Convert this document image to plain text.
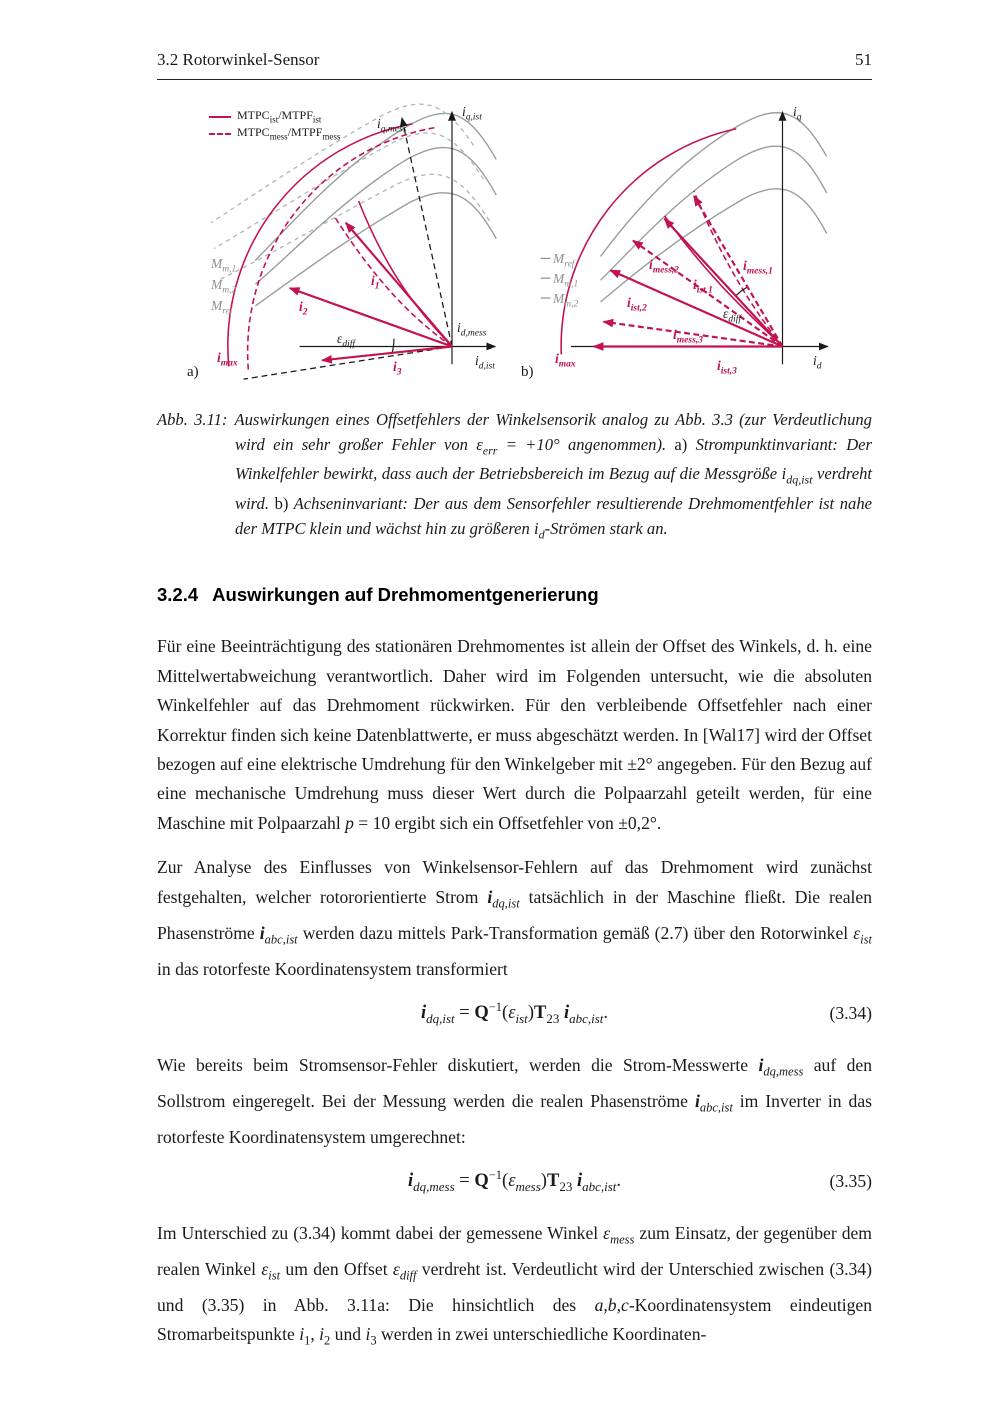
3.2 Rotorwinkel-Sensor	51
$MTPC_{ist}/MTPF_{ist}$
$MTPC_{mess}/MTPF_{mess}$
$i_{q,ist}$
$i_{q,mess}$
$i_{d,ist}$
$i_{d,mess}$
$M_{m,1}$
$M_{m,2}$
$M_{ref}$
$i_1$
$i_2$
$i_3$
$i_{max}$
$\varepsilon_{diff}$
a)
$i_q$
$i_d$
$M_{ref}$
$M_{m,1}$
$M_{m,2}$
$i_{mess,2}$	$i_{mess,1}$
$i_{ist,1}$
$i_{ist,2}$	$\varepsilon_{diff}$
$i_{mess,3}$
$i_{ist,3}$
$i_{max}$
b)

Abb. 3.11: Auswirkungen eines Offsetfehlers der Winkelsensorik analog zu Abb. 3.3 (zur Verdeutlichung wird ein sehr großer Fehler von $\varepsilon_{err} = +10^\circ$ angenommen). a) Strompunktinvariant: Der Winkelfehler bewirkt, dass auch der Betriebsbereich im Bezug auf die Messgröße $i_{dq,ist}$ verdreht wird. b) Achseninvariant: Der aus dem Sensorfehler resultierende Drehmomentfehler ist nahe der MTPC klein und wächst hin zu größeren $i_d$-Strömen stark an.

3.2.4 Auswirkungen auf Drehmomentgenerierung

Für eine Beeinträchtigung des stationären Drehmomentes ist allein der Offset des Winkels, d. h. eine Mittelwertabweichung verantwortlich. Daher wird im Folgenden untersucht, wie die absoluten Winkelfehler auf das Drehmoment rückwirken. Für den verbleibende Offsetfehler nach einer Korrektur finden sich keine Datenblattwerte, er muss abgeschätzt werden. In [Wal17] wird der Offset bezogen auf eine elektrische Umdrehung für den Winkelgeber mit ±2° angegeben. Für den Bezug auf eine mechanische Umdrehung muss dieser Wert durch die Polpaarzahl geteilt werden, für eine Maschine mit Polpaarzahl p = 10 ergibt sich ein Offsetfehler von ±0,2°.

Zur Analyse des Einflusses von Winkelsensor-Fehlern auf das Drehmoment wird zunächst festgehalten, welcher rotororientierte Strom $i_{dq,ist}$ tatsächlich in der Maschine fließt. Die realen Phasenströme $i_{abc,ist}$ werden dazu mittels Park-Transformation gemäß (2.7) über den Rotorwinkel $\varepsilon_{ist}$ in das rotorfeste Koordinatensystem transformiert

$i_{dq,ist} = Q^{-1}(\varepsilon_{ist})T_{23}$ $i_{abc,ist}$.	(3.34)

Wie bereits beim Stromsensor-Fehler diskutiert, werden die Strom-Messwerte $i_{dq,mess}$ auf den Sollstrom eingeregelt. Bei der Messung werden die realen Phasenströme $i_{abc,ist}$ im Inverter in das rotorfeste Koordinatensystem umgerechnet:

$i_{dq,mess} = Q^{-1}(\varepsilon_{mess})T_{23}$ $i_{abc,ist}$.	(3.35)

Im Unterschied zu (3.34) kommt dabei der gemessene Winkel $\varepsilon_{mess}$ zum Einsatz, der gegenüber dem realen Winkel $\varepsilon_{ist}$ um den Offset $\varepsilon_{diff}$ verdreht ist. Verdeutlicht wird der Unterschied zwischen (3.34) und (3.35) in Abb. 3.11a: Die hinsichtlich des a,b,c-Koordinatensystem eindeutigen Stromarbeitspunkte $i_1$, $i_2$ und $i_3$ werden in zwei unterschiedliche Koordinaten-
